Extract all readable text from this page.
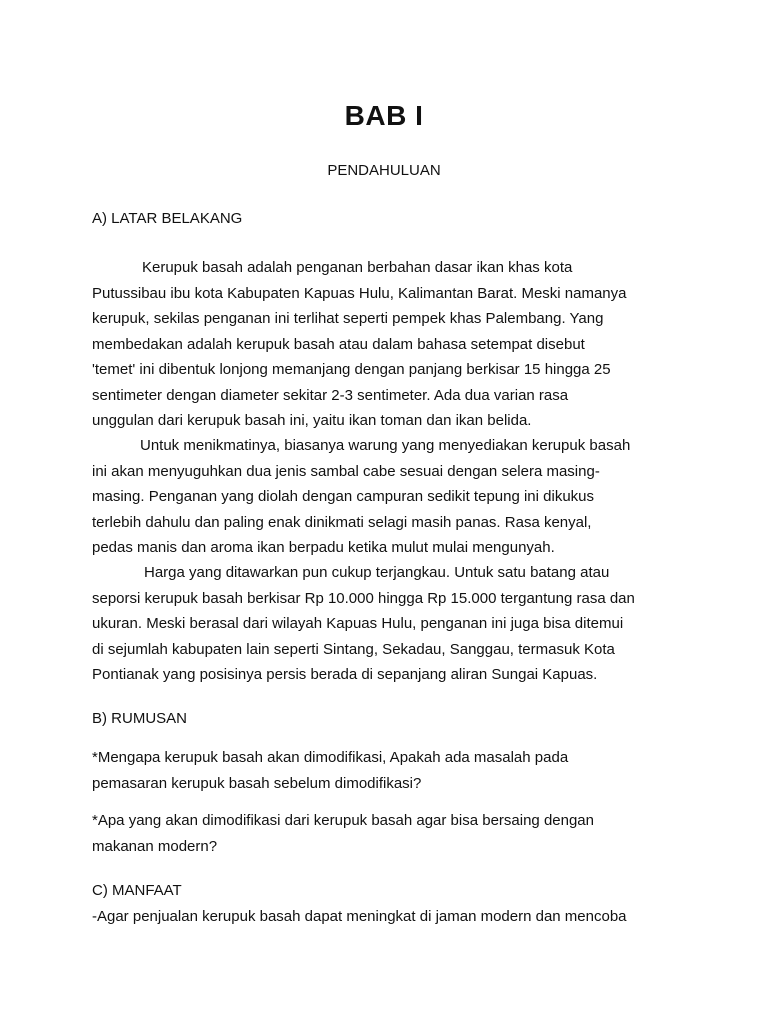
BAB I
PENDAHULUAN
A) LATAR BELAKANG
Kerupuk basah adalah penganan berbahan dasar ikan khas kota
Putussibau ibu kota Kabupaten Kapuas Hulu, Kalimantan Barat. Meski namanya
kerupuk, sekilas penganan ini terlihat seperti pempek khas Palembang. Yang
membedakan adalah kerupuk basah atau dalam bahasa setempat disebut
'temet' ini dibentuk lonjong memanjang dengan panjang berkisar 15 hingga 25
sentimeter dengan diameter sekitar 2-3 sentimeter. Ada dua varian rasa
unggulan dari kerupuk basah ini, yaitu ikan toman dan ikan belida.
Untuk menikmatinya, biasanya warung yang menyediakan kerupuk basah
ini akan menyuguhkan dua jenis sambal cabe sesuai dengan selera masing-
masing. Penganan yang diolah dengan campuran sedikit tepung ini dikukus
terlebih dahulu dan paling enak dinikmati selagi masih panas. Rasa kenyal,
pedas manis dan aroma ikan berpadu ketika mulut mulai mengunyah.
Harga yang ditawarkan pun cukup terjangkau. Untuk satu batang atau
seporsi kerupuk basah berkisar Rp 10.000 hingga Rp 15.000 tergantung rasa dan
ukuran. Meski berasal dari wilayah Kapuas Hulu, penganan ini juga bisa ditemui
di sejumlah kabupaten lain seperti Sintang, Sekadau, Sanggau, termasuk Kota
Pontianak yang posisinya persis berada di sepanjang aliran Sungai Kapuas.
B) RUMUSAN
*Mengapa kerupuk basah akan dimodifikasi, Apakah ada masalah pada
pemasaran kerupuk basah sebelum dimodifikasi?
*Apa yang akan dimodifikasi dari kerupuk basah agar bisa bersaing dengan
makanan modern?
C) MANFAAT
-Agar penjualan kerupuk basah dapat meningkat di jaman modern dan mencoba
